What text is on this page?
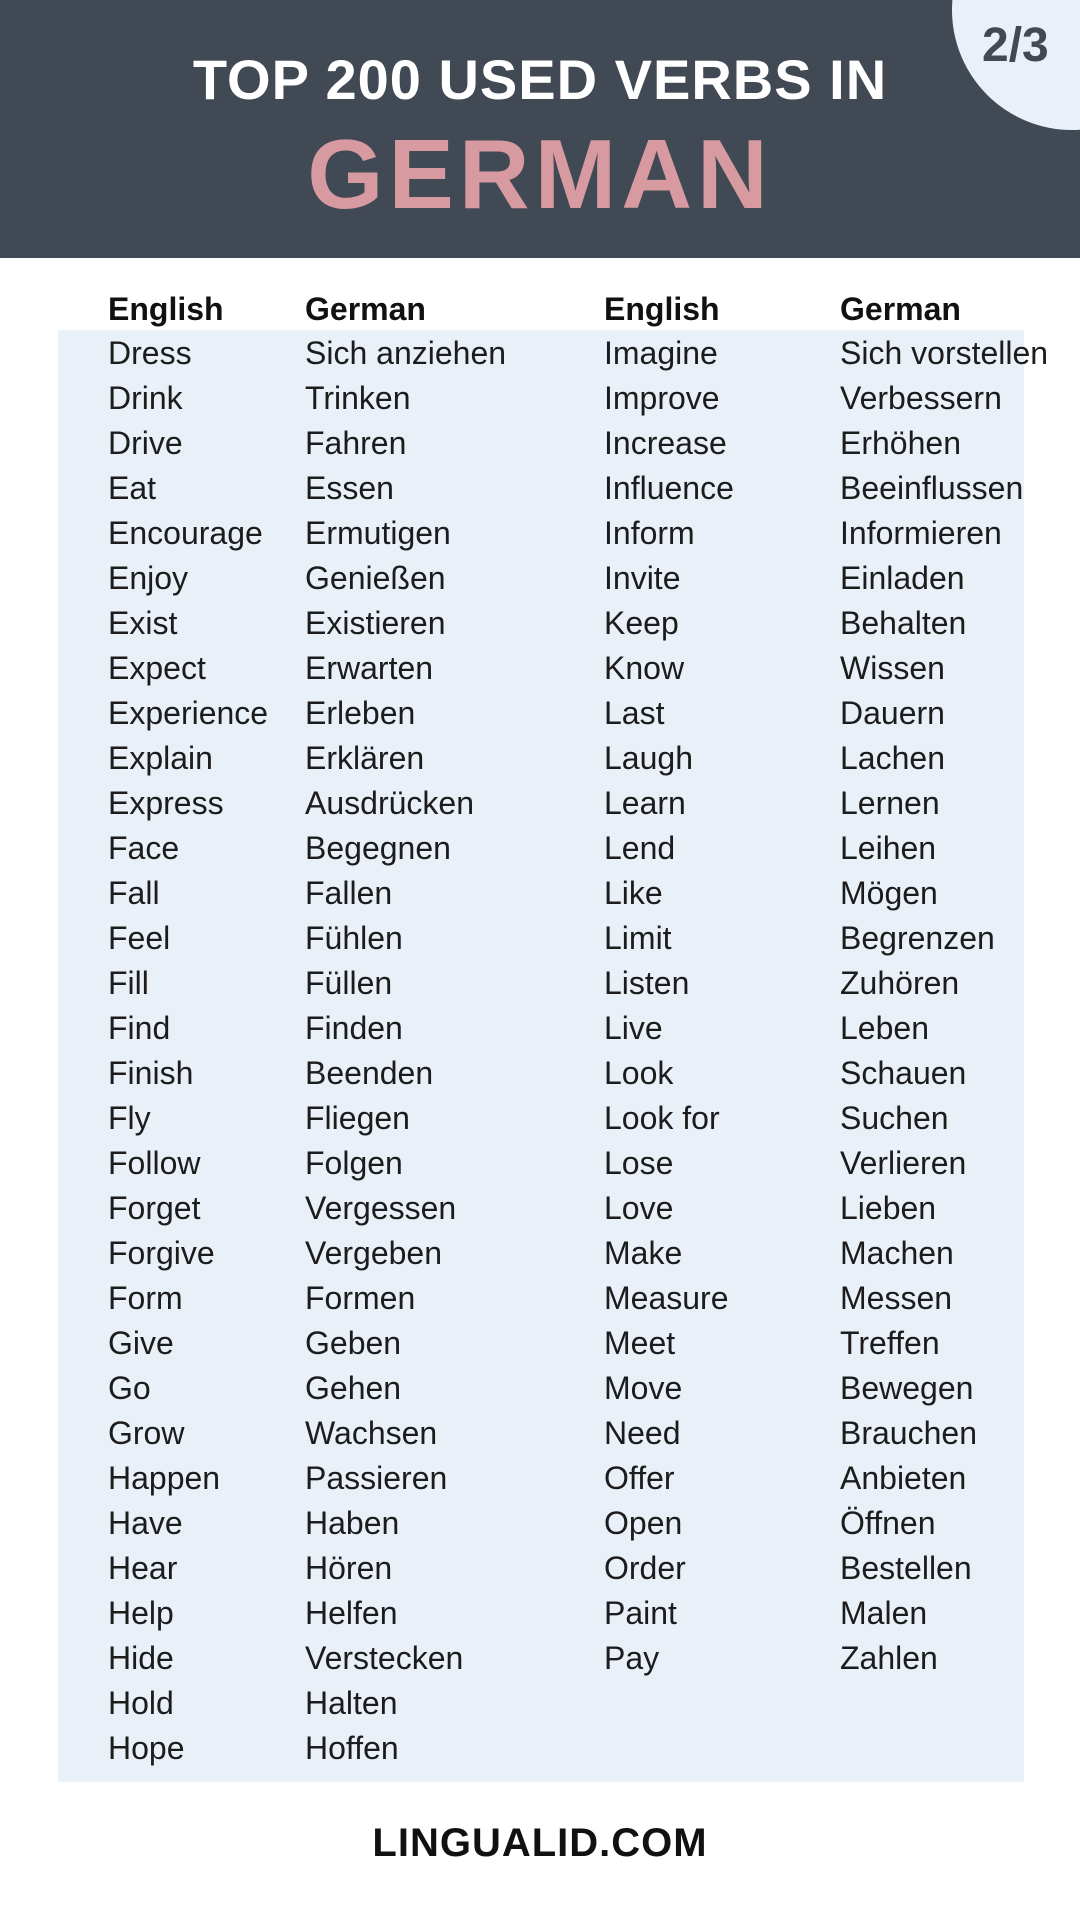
2/3
TOP 200 USED VERBS IN
GERMAN
English
Dress
Drink
Drive
Eat
Encourage
Enjoy
Exist
Expect
Experience
Explain
Express
Face
Fall
Feel
Fill
Find
Finish
Fly
Follow
Forget
Forgive
Form
Give
Go
Grow
Happen
Have
Hear
Help
Hide
Hold
Hope
German
Sich anziehen
Trinken
Fahren
Essen
Ermutigen
Genießen
Existieren
Erwarten
Erleben
Erklären
Ausdrücken
Begegnen
Fallen
Fühlen
Füllen
Finden
Beenden
Fliegen
Folgen
Vergessen
Vergeben
Formen
Geben
Gehen
Wachsen
Passieren
Haben
Hören
Helfen
Verstecken
Halten
Hoffen
English
Imagine
Improve
Increase
Influence
Inform
Invite
Keep
Know
Last
Laugh
Learn
Lend
Like
Limit
Listen
Live
Look
Look for
Lose
Love
Make
Measure
Meet
Move
Need
Offer
Open
Order
Paint
Pay
German
Sich vorstellen
Verbessern
Erhöhen
Beeinflussen
Informieren
Einladen
Behalten
Wissen
Dauern
Lachen
Lernen
Leihen
Mögen
Begrenzen
Zuhören
Leben
Schauen
Suchen
Verlieren
Lieben
Machen
Messen
Treffen
Bewegen
Brauchen
Anbieten
Öffnen
Bestellen
Malen
Zahlen
LINGUALID.COM
